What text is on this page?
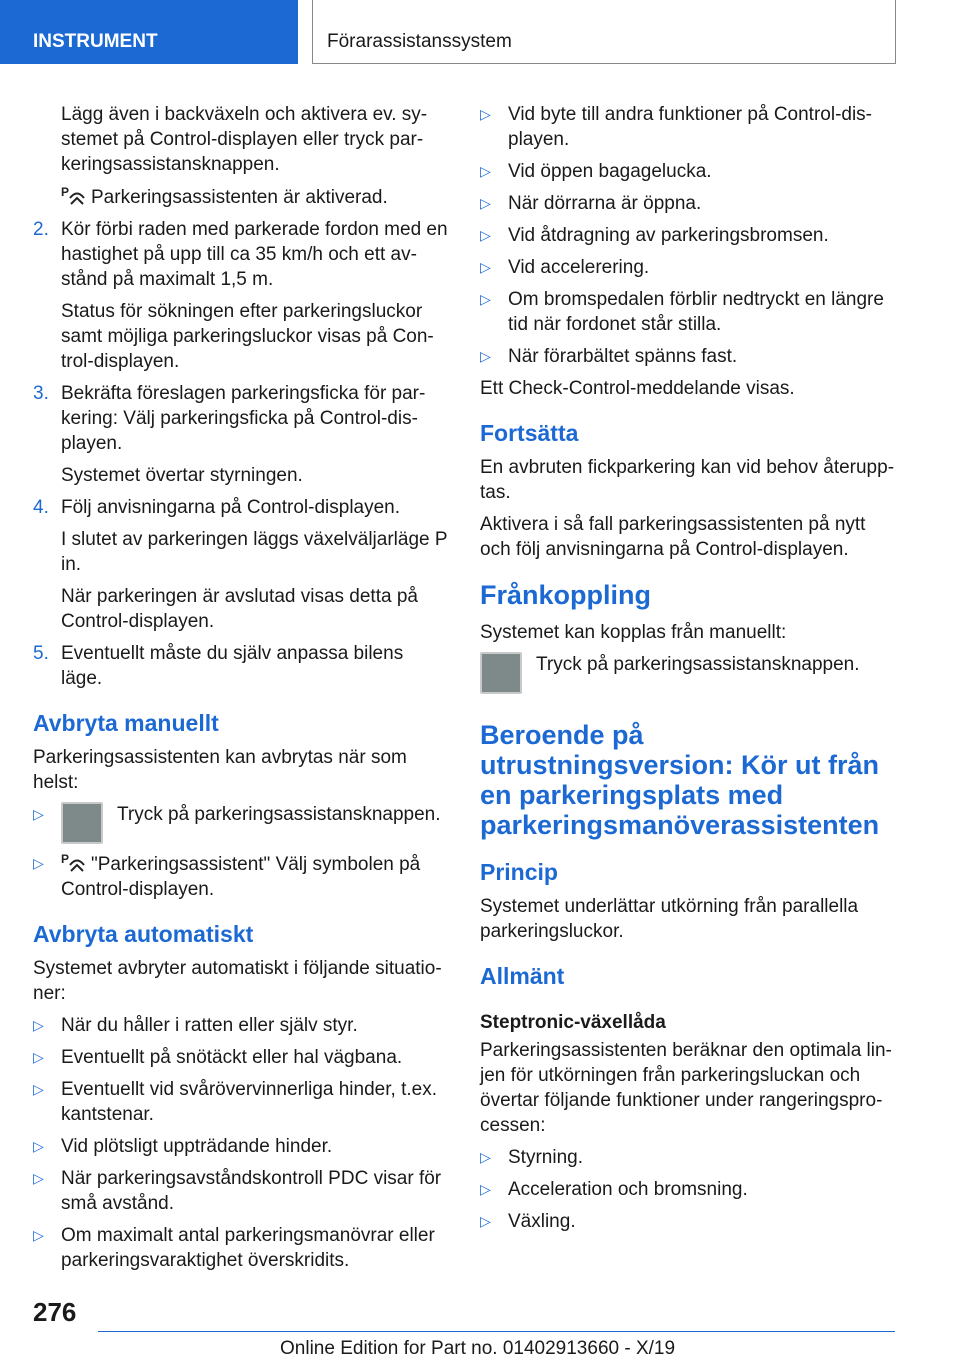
INSTRUMENT	Förarassistanssystem

Lägg även i backväxeln och aktivera ev. sy-stemet på Control-displayen eller tryck par-keringsassistansknappen.

P Parkeringsassistenten är aktiverad.

2. Kör förbi raden med parkerade fordon med en hastighet på upp till ca 35 km/h och ett av-stånd på maximalt 1,5 m.

Status för sökningen efter parkeringsluckor samt möjliga parkeringsluckor visas på Con-trol-displayen.

3. Bekräfta föreslagen parkeringsficka för par-kering: Välj parkeringsficka på Control-dis-playen.

Systemet övertar styrningen.

4. Följ anvisningarna på Control-displayen.

I slutet av parkeringen läggs växelväljarläge P in.

När parkeringen är avslutad visas detta på Control-displayen.

5. Eventuellt måste du själv anpassa bilens läge.
Avbryta manuellt

Parkeringsassistenten kan avbrytas när som helst:

▷	Tryck på parkeringsassistansknappen.
▷	P "Parkeringsassistent" Välj symbolen på Control-displayen.
Avbryta automatiskt

Systemet avbryter automatiskt i följande situatio-ner:

▷ När du håller i ratten eller själv styr.
▷ Eventuellt på snötäckt eller hal vägbana.
▷ Eventuellt vid svårövervinnerliga hinder, t.ex. kantstenar.
▷ Vid plötsligt uppträdande hinder.
▷ När parkeringsavståndskontroll PDC visar för små avstånd.
▷ Om maximalt antal parkeringsmanövrar eller parkeringsvaraktighet överskridits.
▷ Vid byte till andra funktioner på Control-dis-playen.
▷ Vid öppen bagagelucka.
▷ När dörrarna är öppna.
▷ Vid åtdragning av parkeringsbromsen.
▷ Vid accelerering.
▷ Om bromspedalen förblir nedtryckt en längre tid när fordonet står stilla.
▷ När förarbältet spänns fast.

Ett Check-Control-meddelande visas.

Fortsätta

En avbruten fickparkering kan vid behov återupp-tas.

Aktivera i så fall parkeringsassistenten på nytt och följ anvisningarna på Control-displayen.

Frånkoppling

Systemet kan kopplas från manuellt:

Tryck på parkeringsassistansknappen.
Beroende på utrustningsversion: Kör ut från en parkeringsplats med parkeringsmanöverassistenten
Princip

Systemet underlättar utkörning från parallella parkeringsluckor.

Allmänt
Steptronic-växellåda

Parkeringsassistenten beräknar den optimala lin-jen för utkörningen från parkeringsluckan och övertar följande funktioner under rangeringspro-cessen:

▷ Styrning.
▷ Acceleration och bromsning.
▷ Växling.
276
Online Edition for Part no. 01402913660 - X/19
